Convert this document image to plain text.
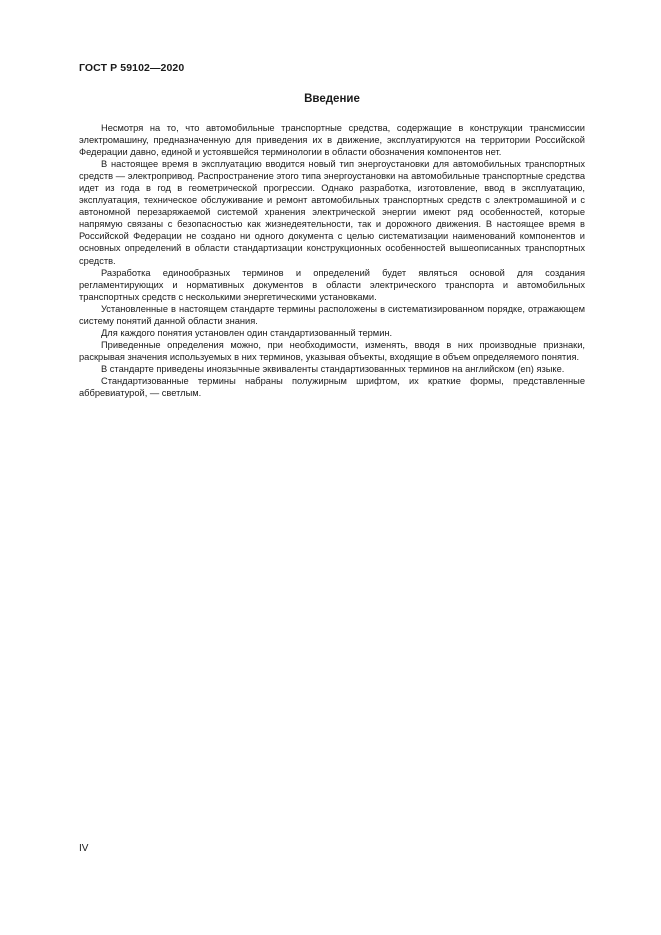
ГОСТ Р 59102—2020
Введение

Несмотря на то, что автомобильные транспортные средства, содержащие в конструкции трансмиссии электромашину, предназначенную для приведения их в движение, эксплуатируются на территории Российской Федерации давно, единой и устоявшейся терминологии в области обозначения компонентов нет.

В настоящее время в эксплуатацию вводится новый тип энергоустановки для автомобильных транспортных средств — электропривод. Распространение этого типа энергоустановки на автомобильные транспортные средства идет из года в год в геометрической прогрессии. Однако разработка, изготовление, ввод в эксплуатацию, эксплуатация, техническое обслуживание и ремонт автомобильных транспортных средств с электромашиной и с автономной перезаряжаемой системой хранения электрической энергии имеют ряд особенностей, которые напрямую связаны с безопасностью как жизнедеятельности, так и дорожного движения. В настоящее время в Российской Федерации не создано ни одного документа с целью систематизации наименований компонентов и основных определений в области стандартизации конструкционных особенностей вышеописанных транспортных средств.

Разработка единообразных терминов и определений будет являться основой для создания регламентирующих и нормативных документов в области электрического транспорта и автомобильных транспортных средств с несколькими энергетическими установками.

Установленные в настоящем стандарте термины расположены в систематизированном порядке, отражающем систему понятий данной области знания.

Для каждого понятия установлен один стандартизованный термин.

Приведенные определения можно, при необходимости, изменять, вводя в них производные признаки, раскрывая значения используемых в них терминов, указывая объекты, входящие в объем определяемого понятия.

В стандарте приведены иноязычные эквиваленты стандартизованных терминов на английском (en) языке.

Стандартизованные термины набраны полужирным шрифтом, их краткие формы, представленные аббревиатурой, — светлым.

IV
